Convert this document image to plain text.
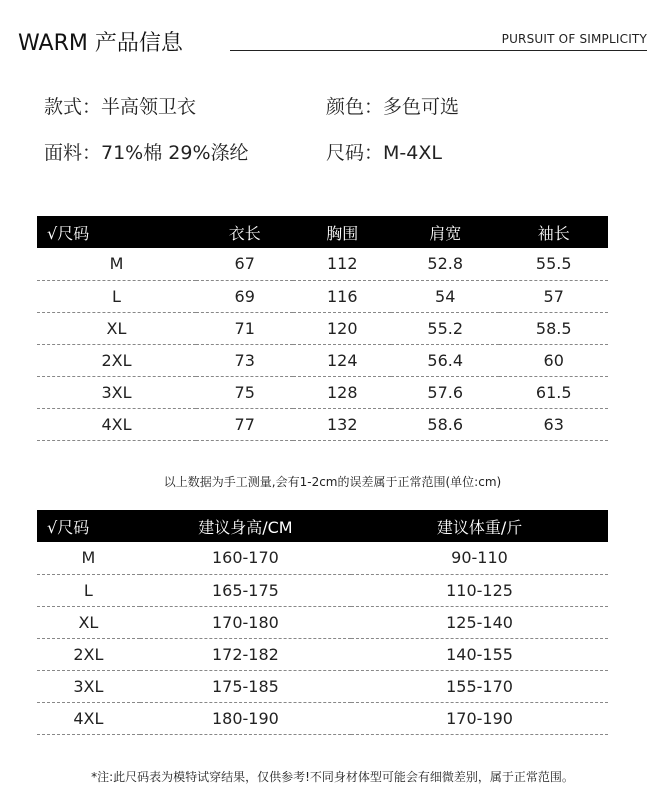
WARM 产品信息	PURSUIT OF SIMPLICITY
款式：半高领卫衣	颜色：多色可选
面料：71%棉 29%涤纶	尺码：M-4XL
√尺码	衣长	胸围	肩宽	袖长
M	67	112	52.8	55.5
L	69	116	54	57
XL	71	120	55.2	58.5
2XL	73	124	56.4	60
3XL	75	128	57.6	61.5
4XL	77	132	58.6	63
以上数据为手工测量,会有1-2cm的误差属于正常范围(单位:cm)
√尺码	建议身高/CM	建议体重/斤
M	160-170	90-110
L	165-175	110-125
XL	170-180	125-140
2XL	172-182	140-155
3XL	175-185	155-170
4XL	180-190	170-190
*注:此尺码表为模特试穿结果，仅供参考!不同身材体型可能会有细微差别，属于正常范围。
